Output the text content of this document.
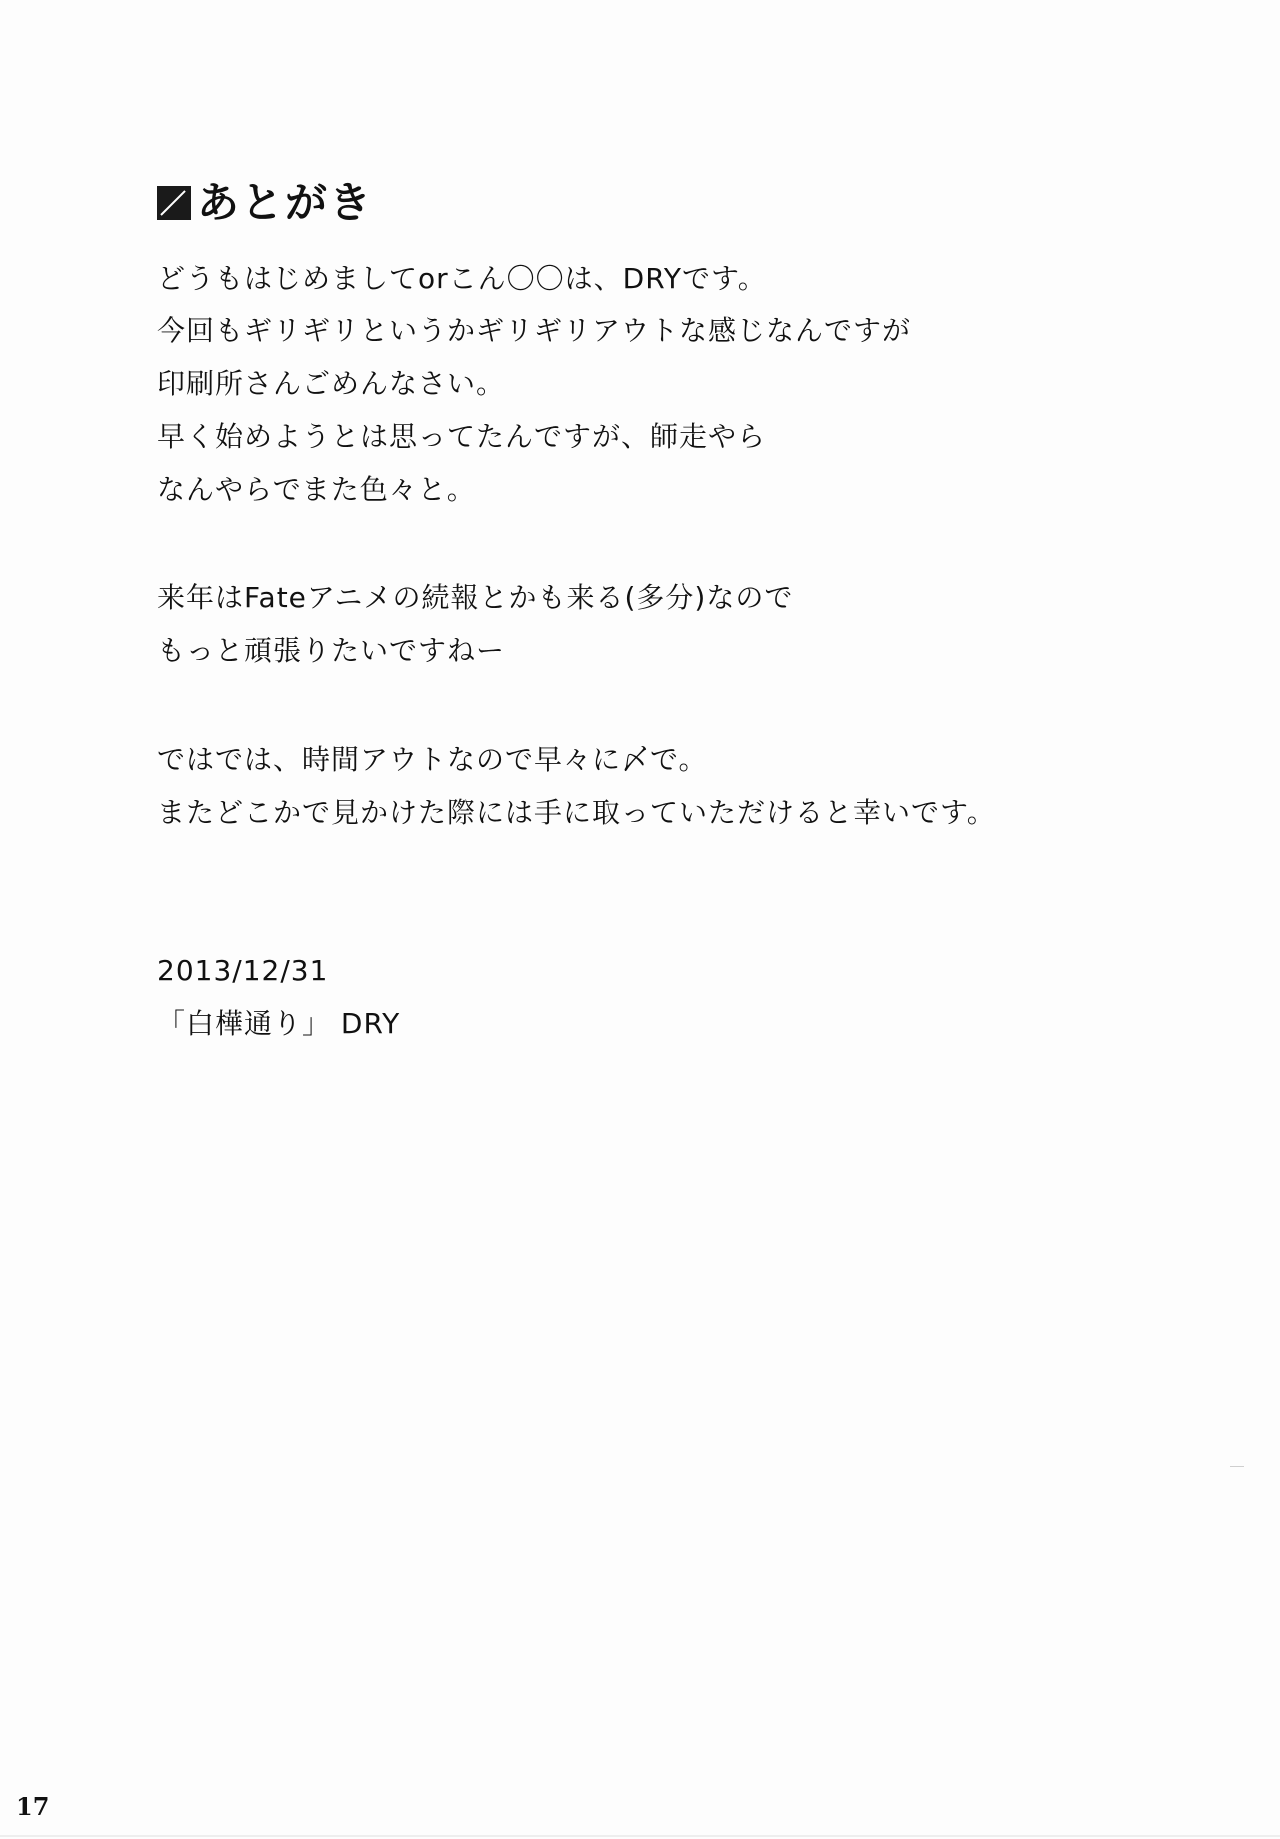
あとがき
どうもはじめましてorこん〇〇は、DRYです。
今回もギリギリというかギリギリアウトな感じなんですが
印刷所さんごめんなさい。
早く始めようとは思ってたんですが、師走やら
なんやらでまた色々と。
来年はFateアニメの続報とかも来る(多分)なので
もっと頑張りたいですねー
ではでは、時間アウトなので早々に〆で。
またどこかで見かけた際には手に取っていただけると幸いです。
2013/12/31
「白樺通り」 DRY
17
